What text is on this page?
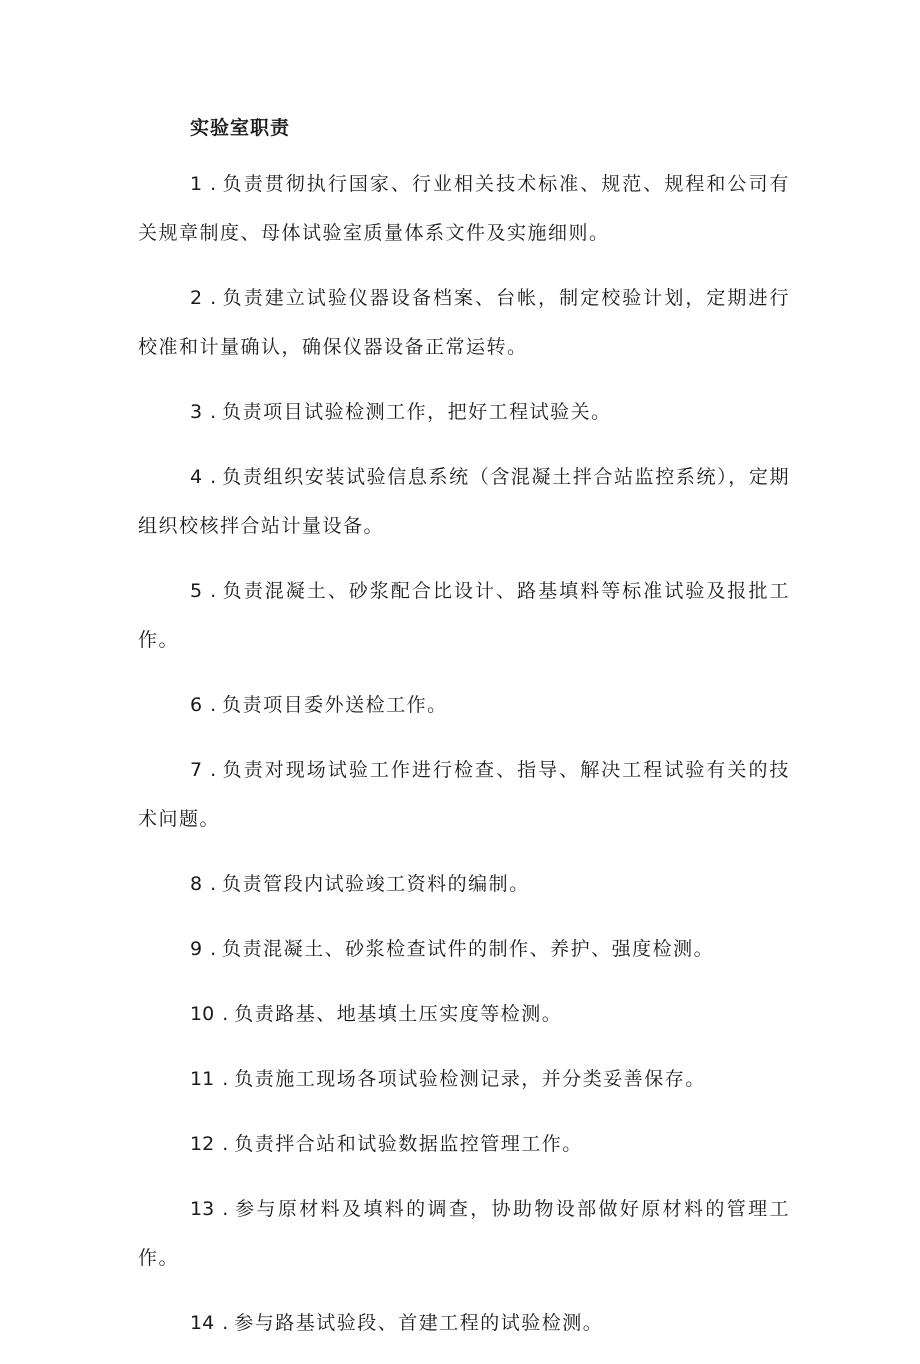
实验室职责

1 . 负责贯彻执行国家、行业相关技术标准、规范、规程和公司有关规章制度、母体试验室质量体系文件及实施细则。

2 . 负责建立试验仪器设备档案、台帐，制定校验计划，定期进行校准和计量确认，确保仪器设备正常运转。

3 . 负责项目试验检测工作，把好工程试验关。

4 . 负责组织安装试验信息系统（含混凝土拌合站监控系统），定期组织校核拌合站计量设备。

5 . 负责混凝土、砂浆配合比设计、路基填料等标准试验及报批工作。

6 . 负责项目委外送检工作。

7 . 负责对现场试验工作进行检查、指导、解决工程试验有关的技术问题。

8 . 负责管段内试验竣工资料的编制。

9 . 负责混凝土、砂浆检查试件的制作、养护、强度检测。

10 . 负责路基、地基填土压实度等检测。

11 . 负责施工现场各项试验检测记录，并分类妥善保存。

12 . 负责拌合站和试验数据监控管理工作。

13 . 参与原材料及填料的调查，协助物设部做好原材料的管理工作。

14 . 参与路基试验段、首建工程的试验检测。
